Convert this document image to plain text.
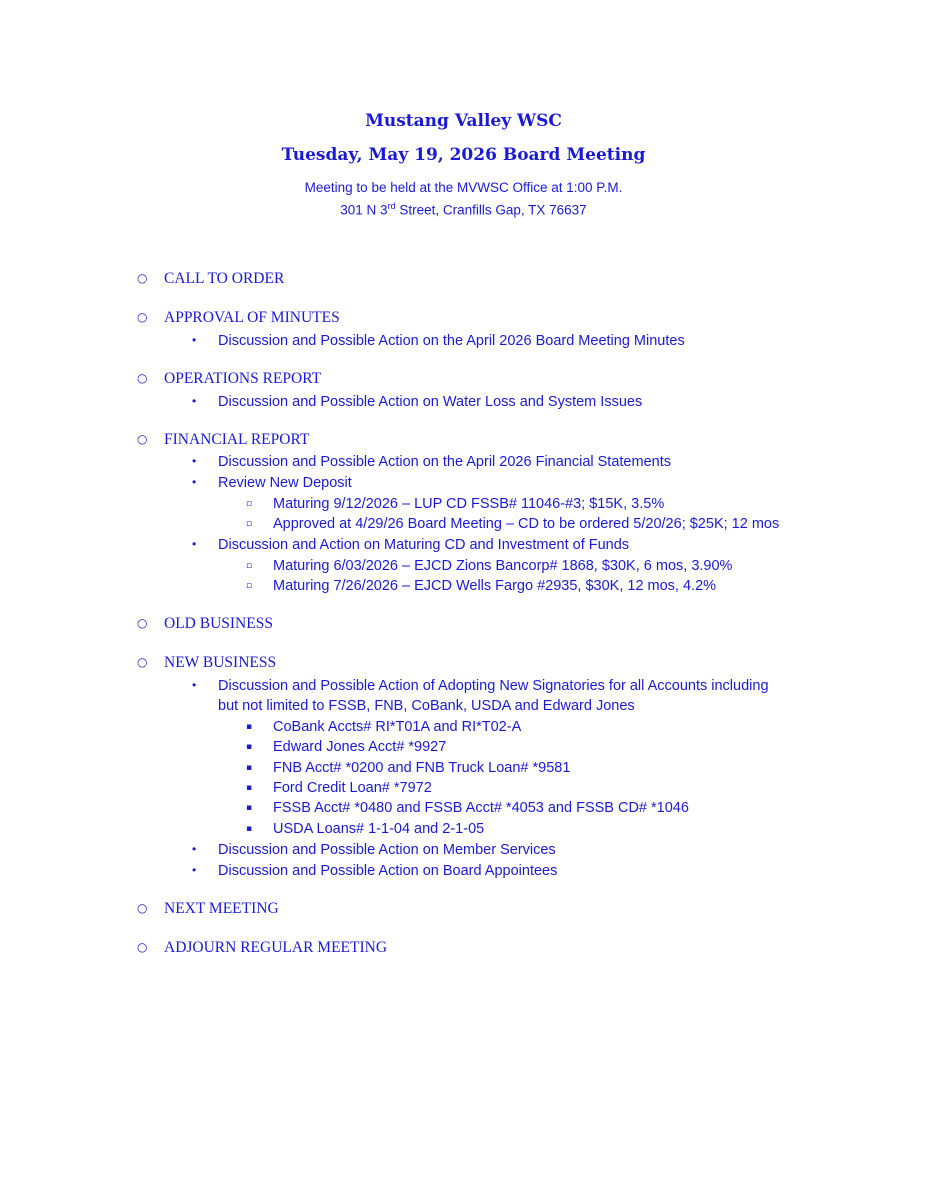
Mustang Valley WSC
Tuesday, May 19, 2026 Board Meeting
Meeting to be held at the MVWSC Office at 1:00 P.M.
301 N 3rd Street, Cranfills Gap, TX 76637
○ CALL TO ORDER
○ APPROVAL OF MINUTES
• Discussion and Possible Action on the April 2026 Board Meeting Minutes
○ OPERATIONS REPORT
• Discussion and Possible Action on Water Loss and System Issues
○ FINANCIAL REPORT
• Discussion and Possible Action on the April 2026 Financial Statements
• Review New Deposit
▫ Maturing 9/12/2026 – LUP CD FSSB# 11046-#3; $15K, 3.5%
▫ Approved at 4/29/26 Board Meeting – CD to be ordered 5/20/26; $25K; 12 mos
• Discussion and Action on Maturing CD and Investment of Funds
▫ Maturing 6/03/2026 – EJCD Zions Bancorp# 1868, $30K, 6 mos, 3.90%
▫ Maturing 7/26/2026 – EJCD Wells Fargo #2935, $30K, 12 mos, 4.2%
○ OLD BUSINESS
○ NEW BUSINESS
• Discussion and Possible Action of Adopting New Signatories for all Accounts including
but not limited to FSSB, FNB, CoBank, USDA and Edward Jones
▪ CoBank Accts# RI*T01A and RI*T02-A
▪ Edward Jones Acct# *9927
▪ FNB Acct# *0200 and FNB Truck Loan# *9581
▪ Ford Credit Loan# *7972
▪ FSSB Acct# *0480 and FSSB Acct# *4053 and FSSB CD# *1046
▪ USDA Loans# 1-1-04 and 2-1-05
• Discussion and Possible Action on Member Services
• Discussion and Possible Action on Board Appointees
○ NEXT MEETING
○ ADJOURN REGULAR MEETING
